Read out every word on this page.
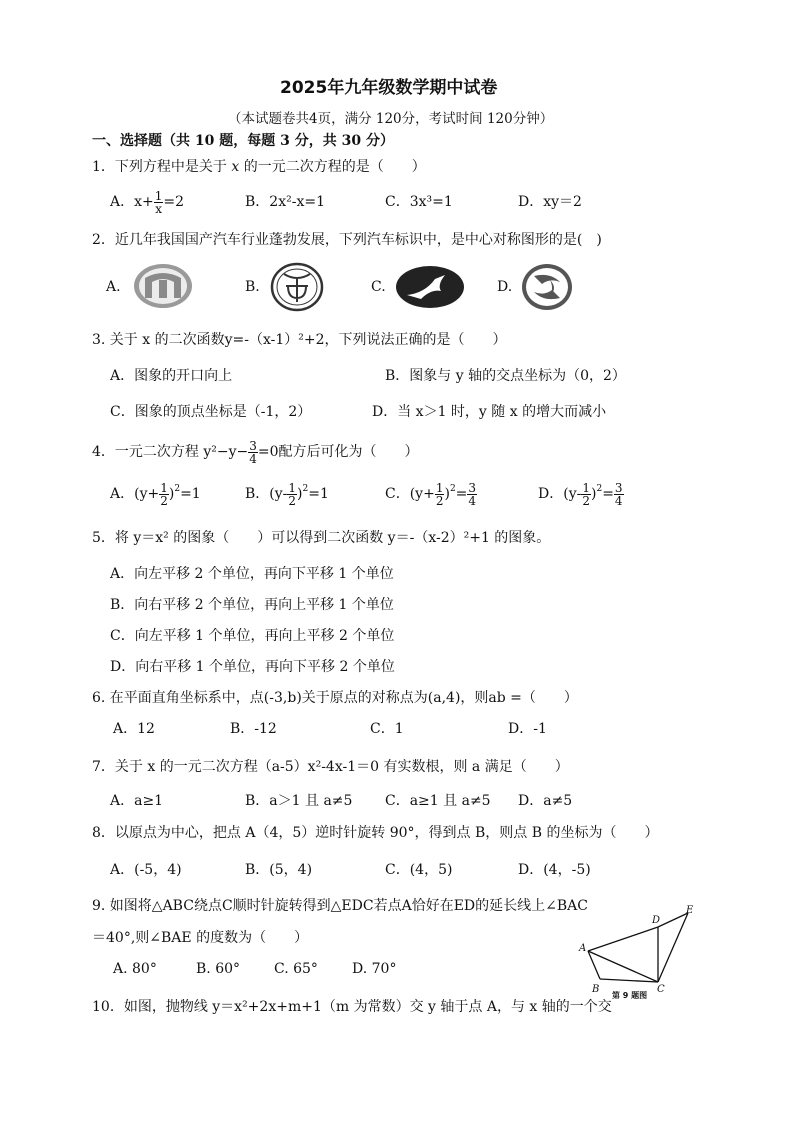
2025年九年级数学期中试卷
（本试题卷共4页，满分 120分，考试时间 120分钟）
一、选择题（共 10 题，每题 3 分，共 30 分）
1．下列方程中是关于 x 的一元二次方程的是（　　）
A．$x+ \frac{1}{x} =2$	B．2x²-x=1	C．3x³=1	D．xy＝2
2．近几年我国国产汽车行业蓬勃发展，下列汽车标识中，是中心对称图形的是(　)
A.	B.	C.	D.
3. 关于 x 的二次函数y=-（x-1）²+2，下列说法正确的是（　　）
A．图象的开口向上	B．图象与 y 轴的交点坐标为（0，2）
C．图象的顶点坐标是（-1，2）	D．当 x＞1 时，y 随 x 的增大而减小
4．一元二次方程 $y^2-y- \frac{3}{4} =0$配方后可化为（　　）
A．$(y+ \frac{1}{2} )^2=1$	B．$(y- \frac{1}{2} )^2=1$	C．$(y+ \frac{1}{2} )^2= \frac{3}{4}$	D．$(y- \frac{1}{2} )^2= \frac{3}{4}$
5．将 y＝x² 的图象（　　）可以得到二次函数 y＝-（x-2）²+1 的图象。
A．向左平移 2 个单位，再向下平移 1 个单位
B．向右平移 2 个单位，再向上平移 1 个单位
C．向左平移 1 个单位，再向上平移 2 个单位
D．向右平移 1 个单位，再向下平移 2 个单位
6. 在平面直角坐标系中，点(-3,b)关于原点的对称点为(a,4)，则ab =（　　）
A．12	B．-12	C．1	D．-1
7．关于 x 的一元二次方程（a-5）x²-4x-1＝0 有实数根，则 a 满足（　　）
A．a≥1	B．a＞1 且 a≠5 C．a≥1 且 a≠5 D．a≠5
8．以原点为中心，把点 A（4，5）逆时针旋转 90°，得到点 B，则点 B 的坐标为（　　）
A．(-5，4)	B．(5，4)	C．(4，5)	D．(4，-5)
9. 如图将△ABC绕点C顺时针旋转得到△EDC若点A恰好在ED的延长线上∠BAC
＝40°,则∠BAE 的度数为（　　）
A. 80°	B. 60° C. 65° D. 70°
A
B	C
D
E
第 9 题图
10．如图，抛物线 y＝x²+2x+m+1（m 为常数）交 y 轴于点 A，与 x 轴的一个交
